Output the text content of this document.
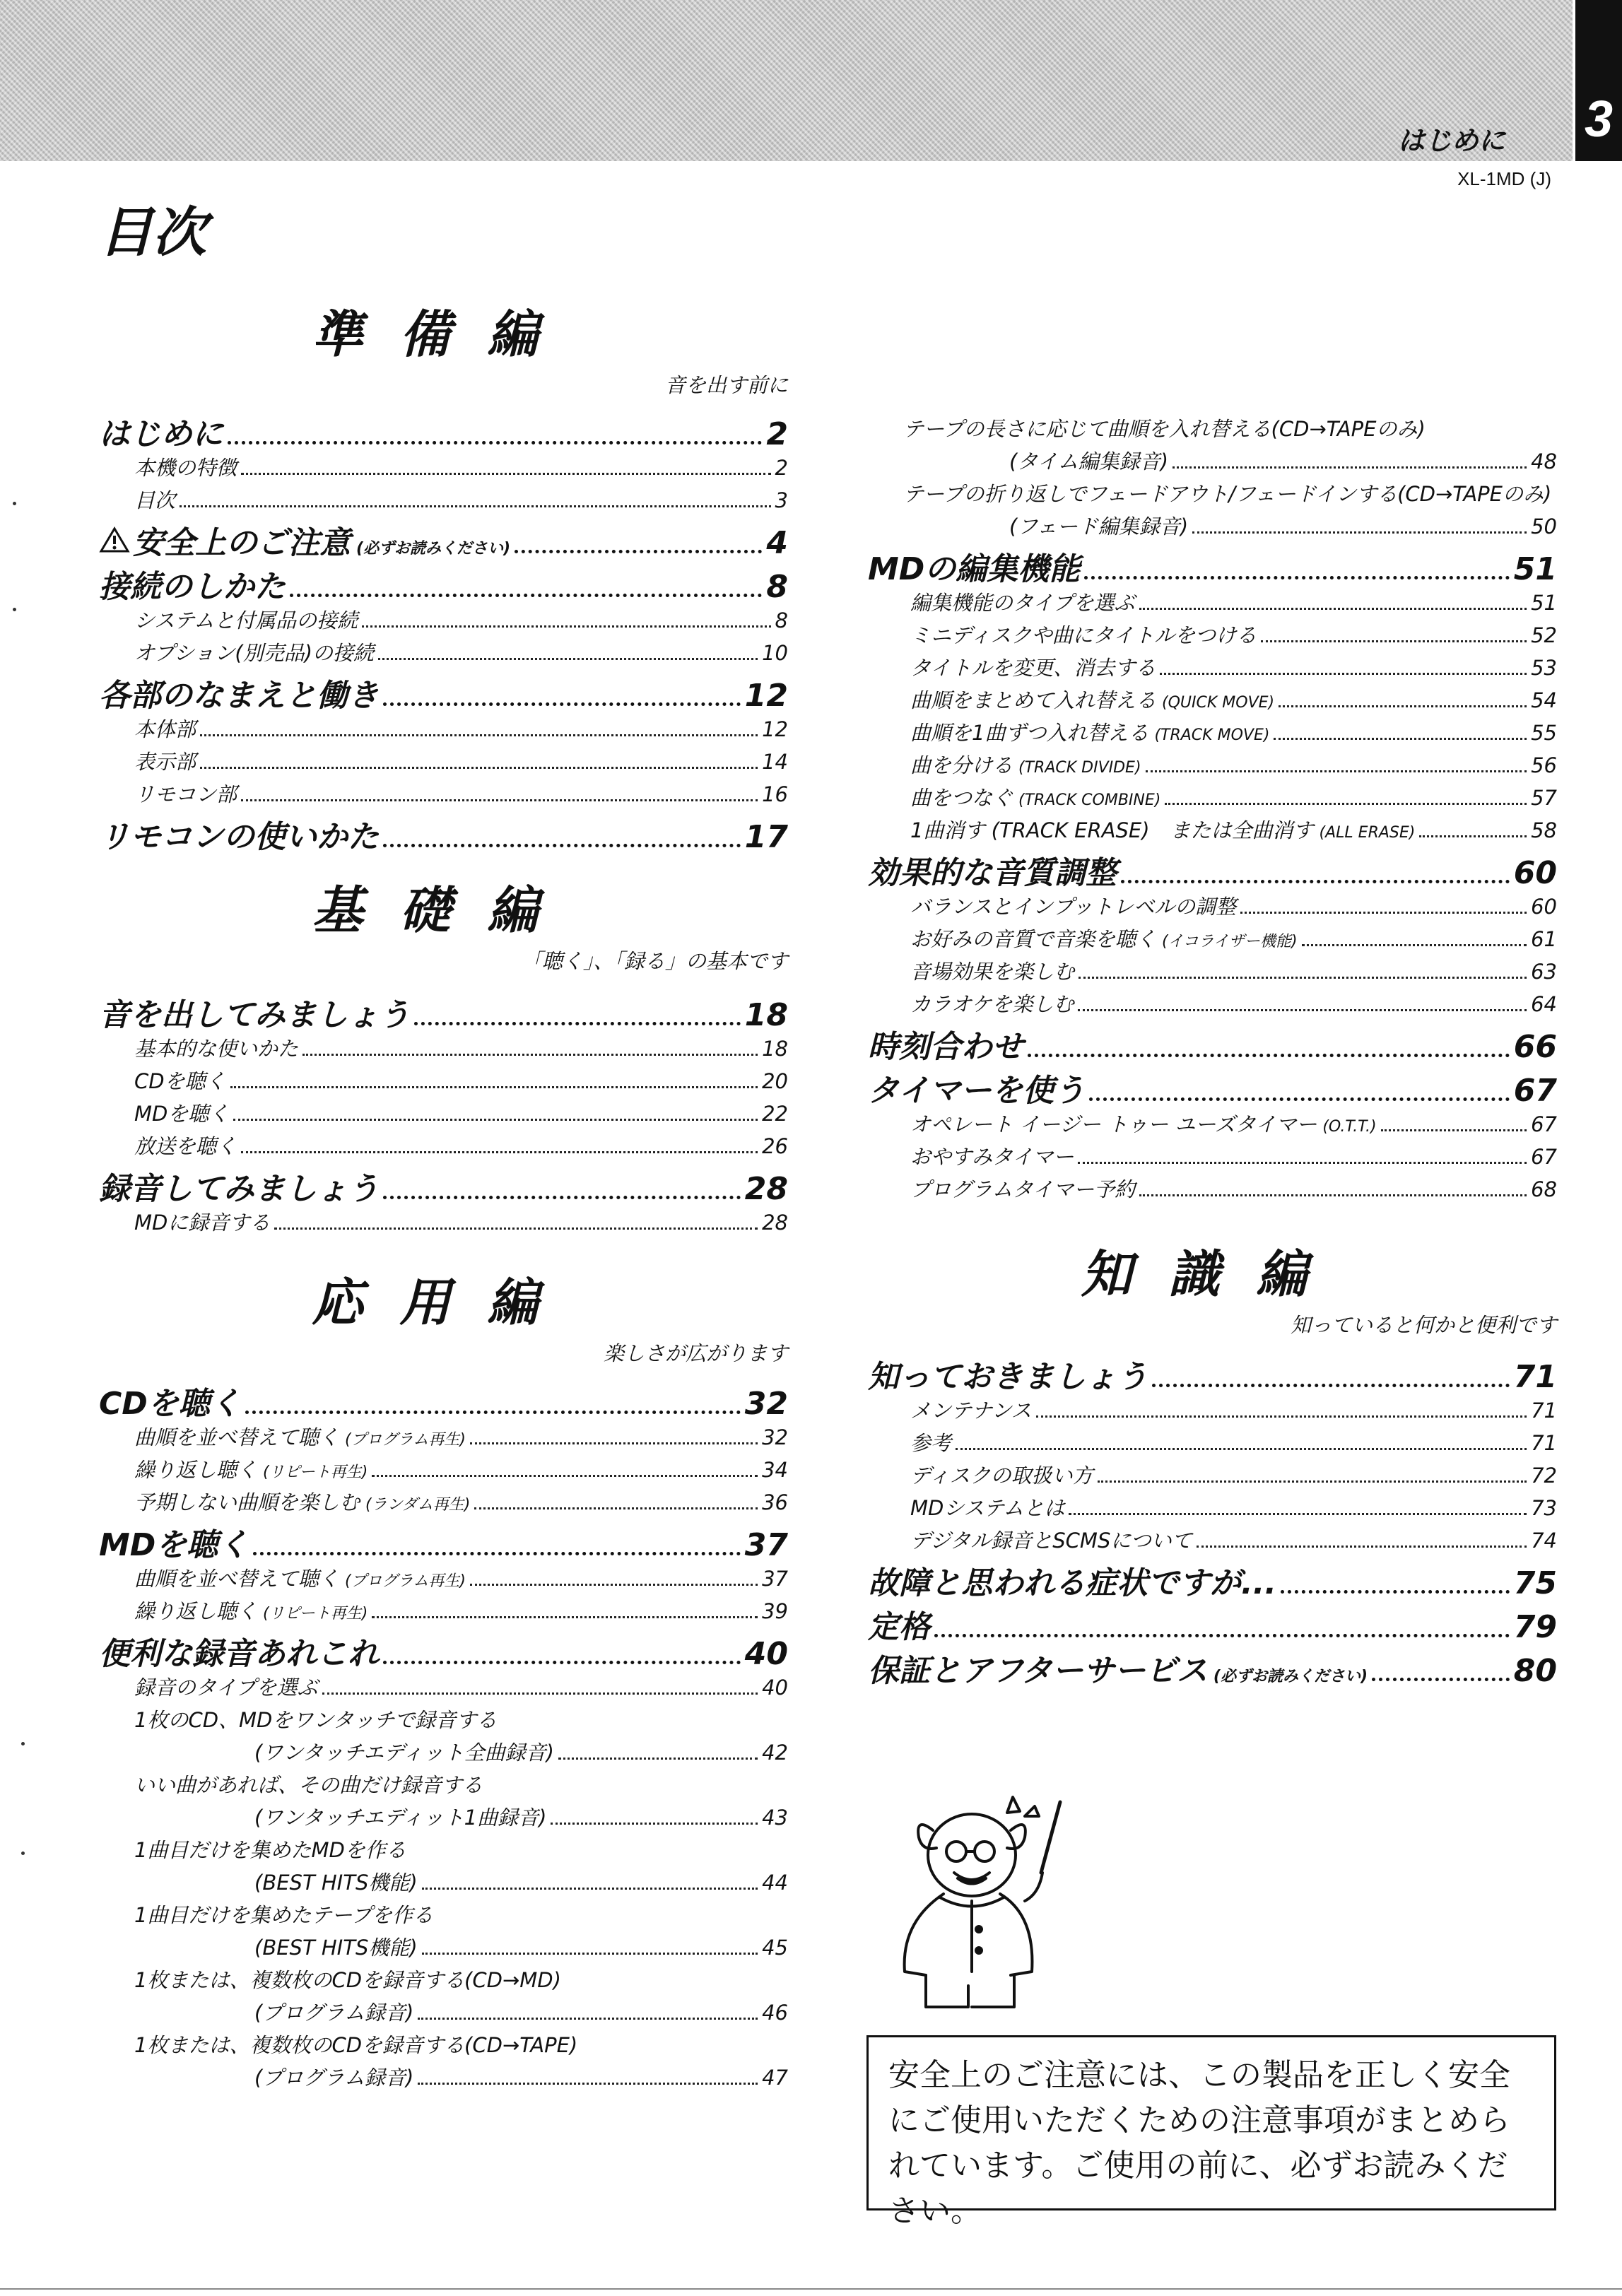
はじめに 3
XL-1MD (J)
目次
準備編
音を出す前に
はじめに	2
本機の特徴	2
目次	3
安全上のご注意 (必ずお読みください)	4
接続のしかた	8
システムと付属品の接続	8
オプション(別売品)の接続	10
各部のなまえと働き	12
本体部	12
表示部	14
リモコン部	16
リモコンの使いかた	17
基礎編
「聴く」、「録る」の基本です
音を出してみましょう	18
基本的な使いかた	18
CDを聴く	20
MDを聴く	22
放送を聴く	26
録音してみましょう	28
MDに録音する	28
応用編
楽しさが広がります
CDを聴く	32
曲順を並べ替えて聴く (プログラム再生)	32
繰り返し聴く (リピート再生)	34
予期しない曲順を楽しむ (ランダム再生)	36
MDを聴く	37
曲順を並べ替えて聴く (プログラム再生)	37
繰り返し聴く (リピート再生)	39
便利な録音あれこれ	40
録音のタイプを選ぶ	40
1枚のCD、MDをワンタッチで録音する
(ワンタッチエディット全曲録音)	42
いい曲があれば、その曲だけ録音する
(ワンタッチエディット1曲録音)	43
1曲目だけを集めたMDを作る
(BEST HITS機能)	44
1曲目だけを集めたテープを作る
(BEST HITS機能)	45
1枚または、複数枚のCDを録音する(CD→MD)
(プログラム録音)	46
1枚または、複数枚のCDを録音する(CD→TAPE)
(プログラム録音)	47
テープの長さに応じて曲順を入れ替える(CD→TAPEのみ)
(タイム編集録音)	48
テープの折り返しでフェードアウト/フェードインする(CD→TAPEのみ)
(フェード編集録音)	50
MDの編集機能	51
編集機能のタイプを選ぶ	51
ミニディスクや曲にタイトルをつける	52
タイトルを変更、消去する	53
曲順をまとめて入れ替える (QUICK MOVE)	54
曲順を1曲ずつ入れ替える (TRACK MOVE)	55
曲を分ける (TRACK DIVIDE)	56
曲をつなぐ (TRACK COMBINE)	57
1曲消す (TRACK ERASE)　または全曲消す (ALL ERASE)	58
効果的な音質調整	60
バランスとインプットレベルの調整	60
お好みの音質で音楽を聴く (イコライザー機能)	61
音場効果を楽しむ	63
カラオケを楽しむ	64
時刻合わせ	66
タイマーを使う	67
オペレート イージー トゥー ユーズタイマー (O.T.T.)	67
おやすみタイマー	67
プログラムタイマー予約	68
知識編
知っていると何かと便利です
知っておきましょう	71
メンテナンス	71
参考	71
ディスクの取扱い方	72
MDシステムとは	73
デジタル録音とSCMSについて	74
故障と思われる症状ですが...	75
定格	79
保証とアフターサービス (必ずお読みください)	80
安全上のご注意には、この製品を正しく安全にご使用いただくための注意事項がまとめられています。ご使用の前に、必ずお読みください。
